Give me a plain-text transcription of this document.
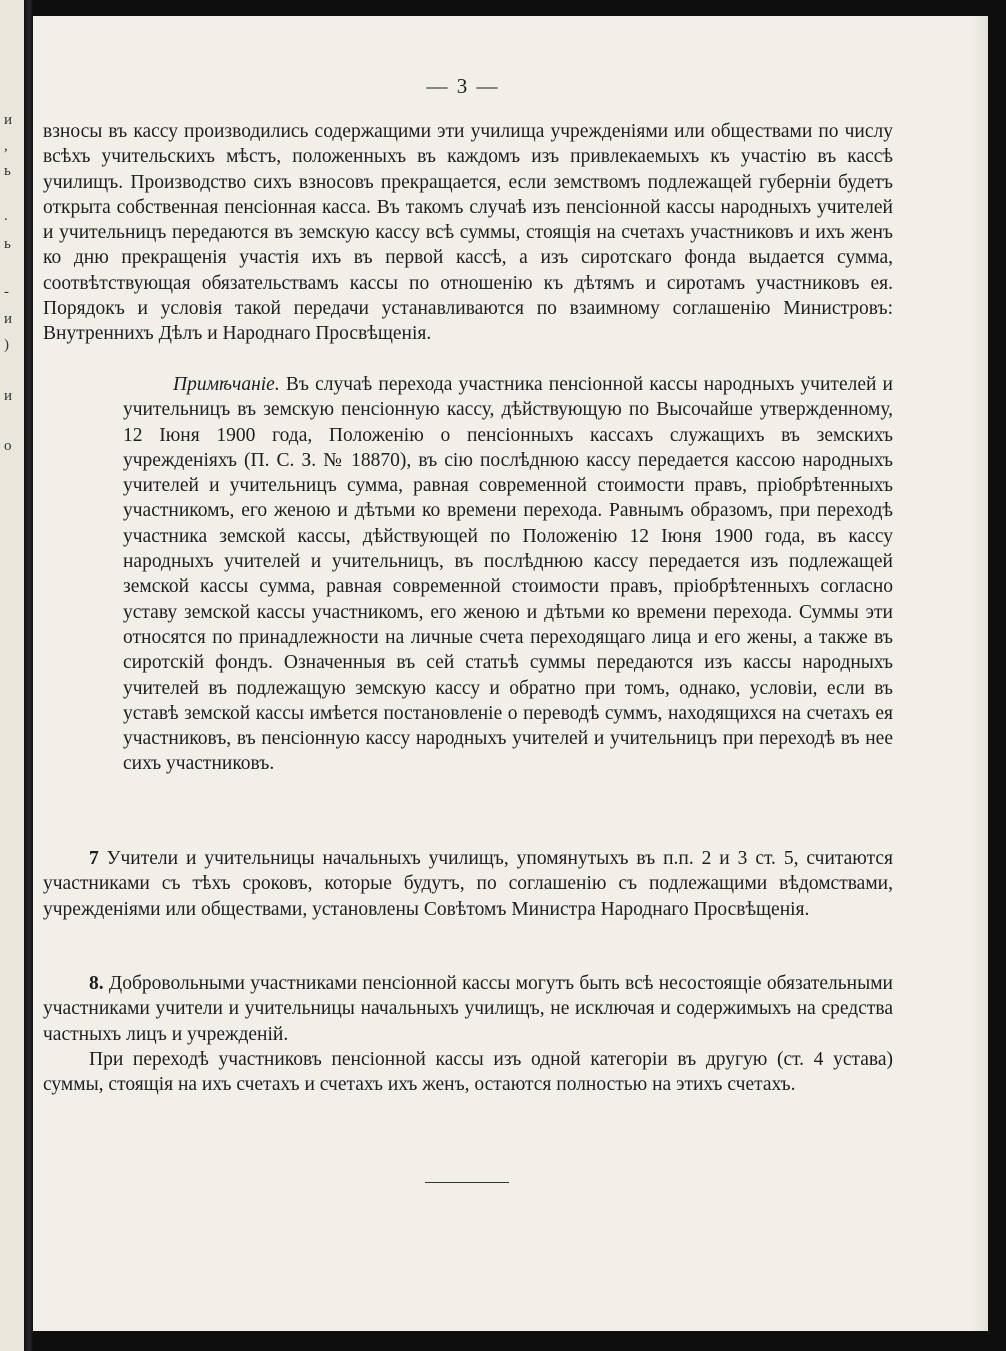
и
,
ь
.
ь
-
и
)
и
о
— 3 —

взносы въ кассу производились содержащими эти училища учрежденіями или обществами по числу всѣхъ учительскихъ мѣстъ, положенныхъ въ каждомъ изъ привлекаемыхъ къ участію въ кассѣ училищъ. Производство сихъ взносовъ прекращается, если земствомъ подлежащей губерніи будетъ открыта собственная пенсіонная касса. Въ такомъ случаѣ изъ пенсіонной кассы народныхъ учителей и учительницъ передаются въ земскую кассу всѣ суммы, стоящія на счетахъ участниковъ и ихъ женъ ко дню прекращенія участія ихъ въ первой кассѣ, а изъ сиротскаго фонда выдается сумма, соотвѣтствующая обязательствамъ кассы по отношенію къ дѣтямъ и сиротамъ участниковъ ея. Порядокъ и условія такой передачи устанавливаются по взаимному соглашенію Министровъ: Внутреннихъ Дѣлъ и Народнаго Просвѣщенія.

Примѣчаніе. Въ случаѣ перехода участника пенсіонной кассы народныхъ учителей и учительницъ въ земскую пенсіонную кассу, дѣйствующую по Высочайше утвержденному, 12 Іюня 1900 года, Положенію о пенсіонныхъ кассахъ служащихъ въ земскихъ учрежденіяхъ (П. С. З. № 18870), въ сію послѣднюю кассу передается кассою народныхъ учителей и учительницъ сумма, равная современной стоимости правъ, пріобрѣтенныхъ участникомъ, его женою и дѣтьми ко времени перехода. Равнымъ образомъ, при переходѣ участника земской кассы, дѣйствующей по Положенію 12 Іюня 1900 года, въ кассу народныхъ учителей и учительницъ, въ послѣднюю кассу передается изъ подлежащей земской кассы сумма, равная современной стоимости правъ, пріобрѣтенныхъ согласно уставу земской кассы участникомъ, его женою и дѣтьми ко времени перехода. Суммы эти относятся по принадлежности на личные счета переходящаго лица и его жены, а также въ сиротскій фондъ. Означенныя въ сей статьѣ суммы передаются изъ кассы народныхъ учителей въ подлежащую земскую кассу и обратно при томъ, однако, условіи, если въ уставѣ земской кассы имѣется постановленіе о переводѣ суммъ, находящихся на счетахъ ея участниковъ, въ пенсіонную кассу народныхъ учителей и учительницъ при переходѣ въ нее сихъ участниковъ.

7 Учители и учительницы начальныхъ училищъ, упомянутыхъ въ п.п. 2 и 3 ст. 5, считаются участниками съ тѣхъ сроковъ, которые будутъ, по соглашенію съ подлежащими вѣдомствами, учрежденіями или обществами, установлены Совѣтомъ Министра Народнаго Просвѣщенія.

8. Добровольными участниками пенсіонной кассы могутъ быть всѣ несостоящіе обязательными участниками учители и учительницы начальныхъ училищъ, не исключая и содержимыхъ на средства частныхъ лицъ и учрежденій.

При переходѣ участниковъ пенсіонной кассы изъ одной категоріи въ другую (ст. 4 устава) суммы, стоящія на ихъ счетахъ и счетахъ ихъ женъ, остаются полностью на этихъ счетахъ.
